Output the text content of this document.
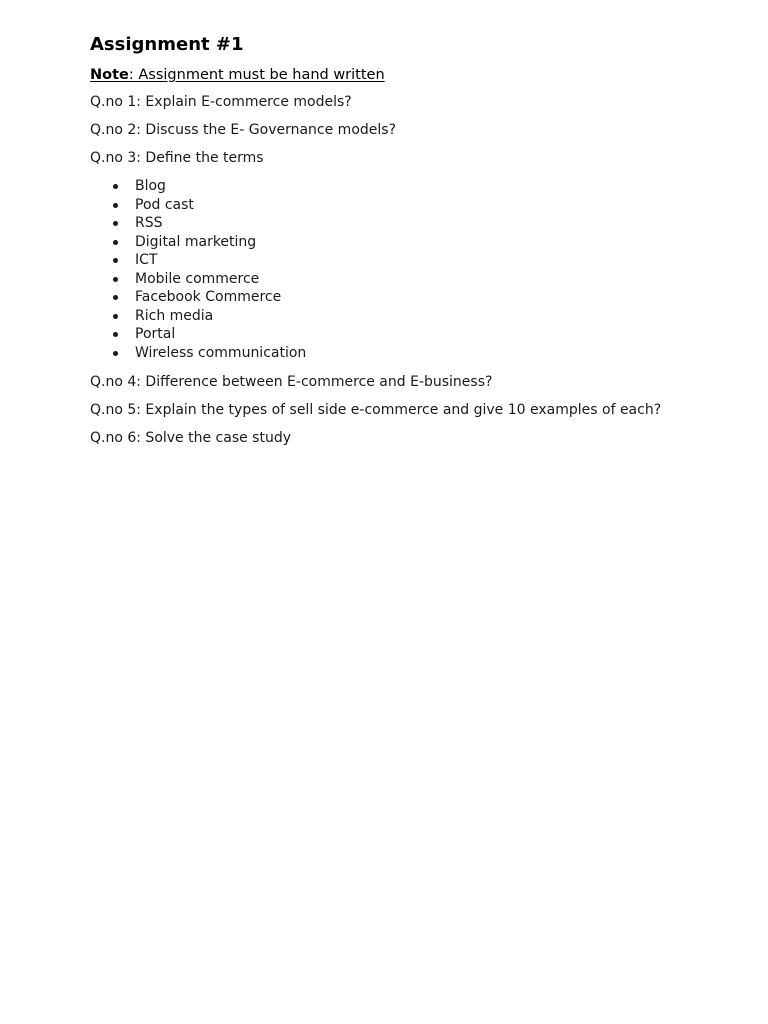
Assignment #1
Note: Assignment must be hand written
Q.no 1: Explain E-commerce models?
Q.no 2: Discuss the E- Governance models?
Q.no 3: Define the terms
Blog
Pod cast
RSS
Digital marketing
ICT
Mobile commerce
Facebook Commerce
Rich media
Portal
Wireless communication
Q.no 4: Difference between E-commerce and E-business?
Q.no 5: Explain the types of sell side e-commerce and give 10 examples of each?
Q.no 6: Solve the case study
